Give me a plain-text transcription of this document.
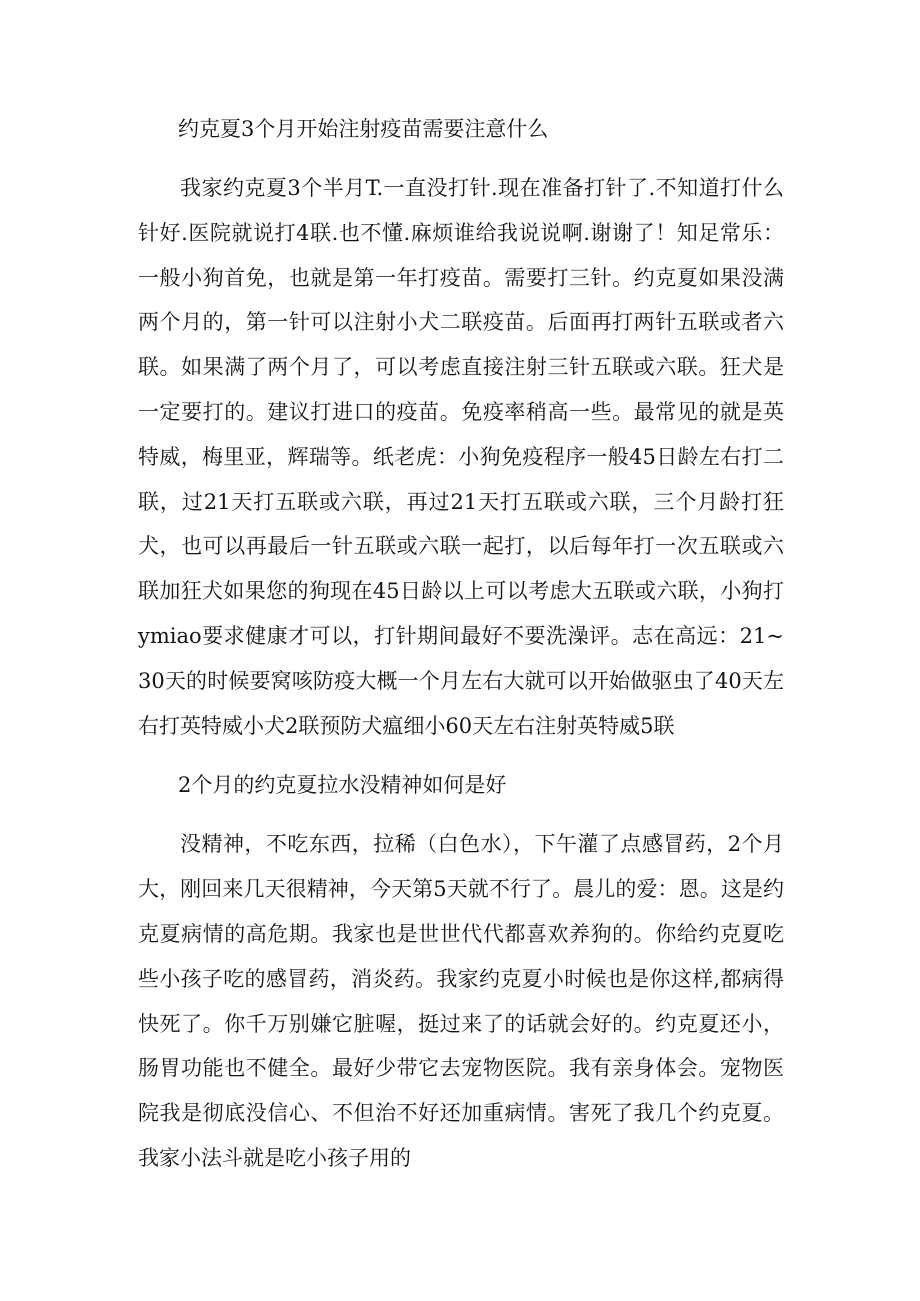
约克夏3个月开始注射疫苗需要注意什么

我家约克夏3个半月T.一直没打针.现在准备打针了.不知道打什么针好.医院就说打4联.也不懂.麻烦谁给我说说啊.谢谢了！知足常乐：一般小狗首免，也就是第一年打疫苗。需要打三针。约克夏如果没满两个月的，第一针可以注射小犬二联疫苗。后面再打两针五联或者六联。如果满了两个月了，可以考虑直接注射三针五联或六联。狂犬是一定要打的。建议打进口的疫苗。免疫率稍高一些。最常见的就是英特威，梅里亚，辉瑞等。纸老虎：小狗免疫程序一般45日龄左右打二联，过21天打五联或六联，再过21天打五联或六联，三个月龄打狂犬，也可以再最后一针五联或六联一起打，以后每年打一次五联或六联加狂犬如果您的狗现在45日龄以上可以考虑大五联或六联，小狗打ymiao要求健康才可以，打针期间最好不要洗澡评。志在高远：21~30天的时候要窝咳防疫大概一个月左右大就可以开始做驱虫了40天左右打英特威小犬2联预防犬瘟细小60天左右注射英特威5联

2个月的约克夏拉水没精神如何是好

没精神，不吃东西，拉稀（白色水），下午灌了点感冒药，2个月大，刚回来几天很精神，今天第5天就不行了。晨儿的爱：恩。这是约克夏病情的高危期。我家也是世世代代都喜欢养狗的。你给约克夏吃些小孩子吃的感冒药，消炎药。我家约克夏小时候也是你这样,都病得快死了。你千万别嫌它脏喔，挺过来了的话就会好的。约克夏还小，肠胃功能也不健全。最好少带它去宠物医院。我有亲身体会。宠物医院我是彻底没信心、不但治不好还加重病情。害死了我几个约克夏。我家小法斗就是吃小孩子用的
